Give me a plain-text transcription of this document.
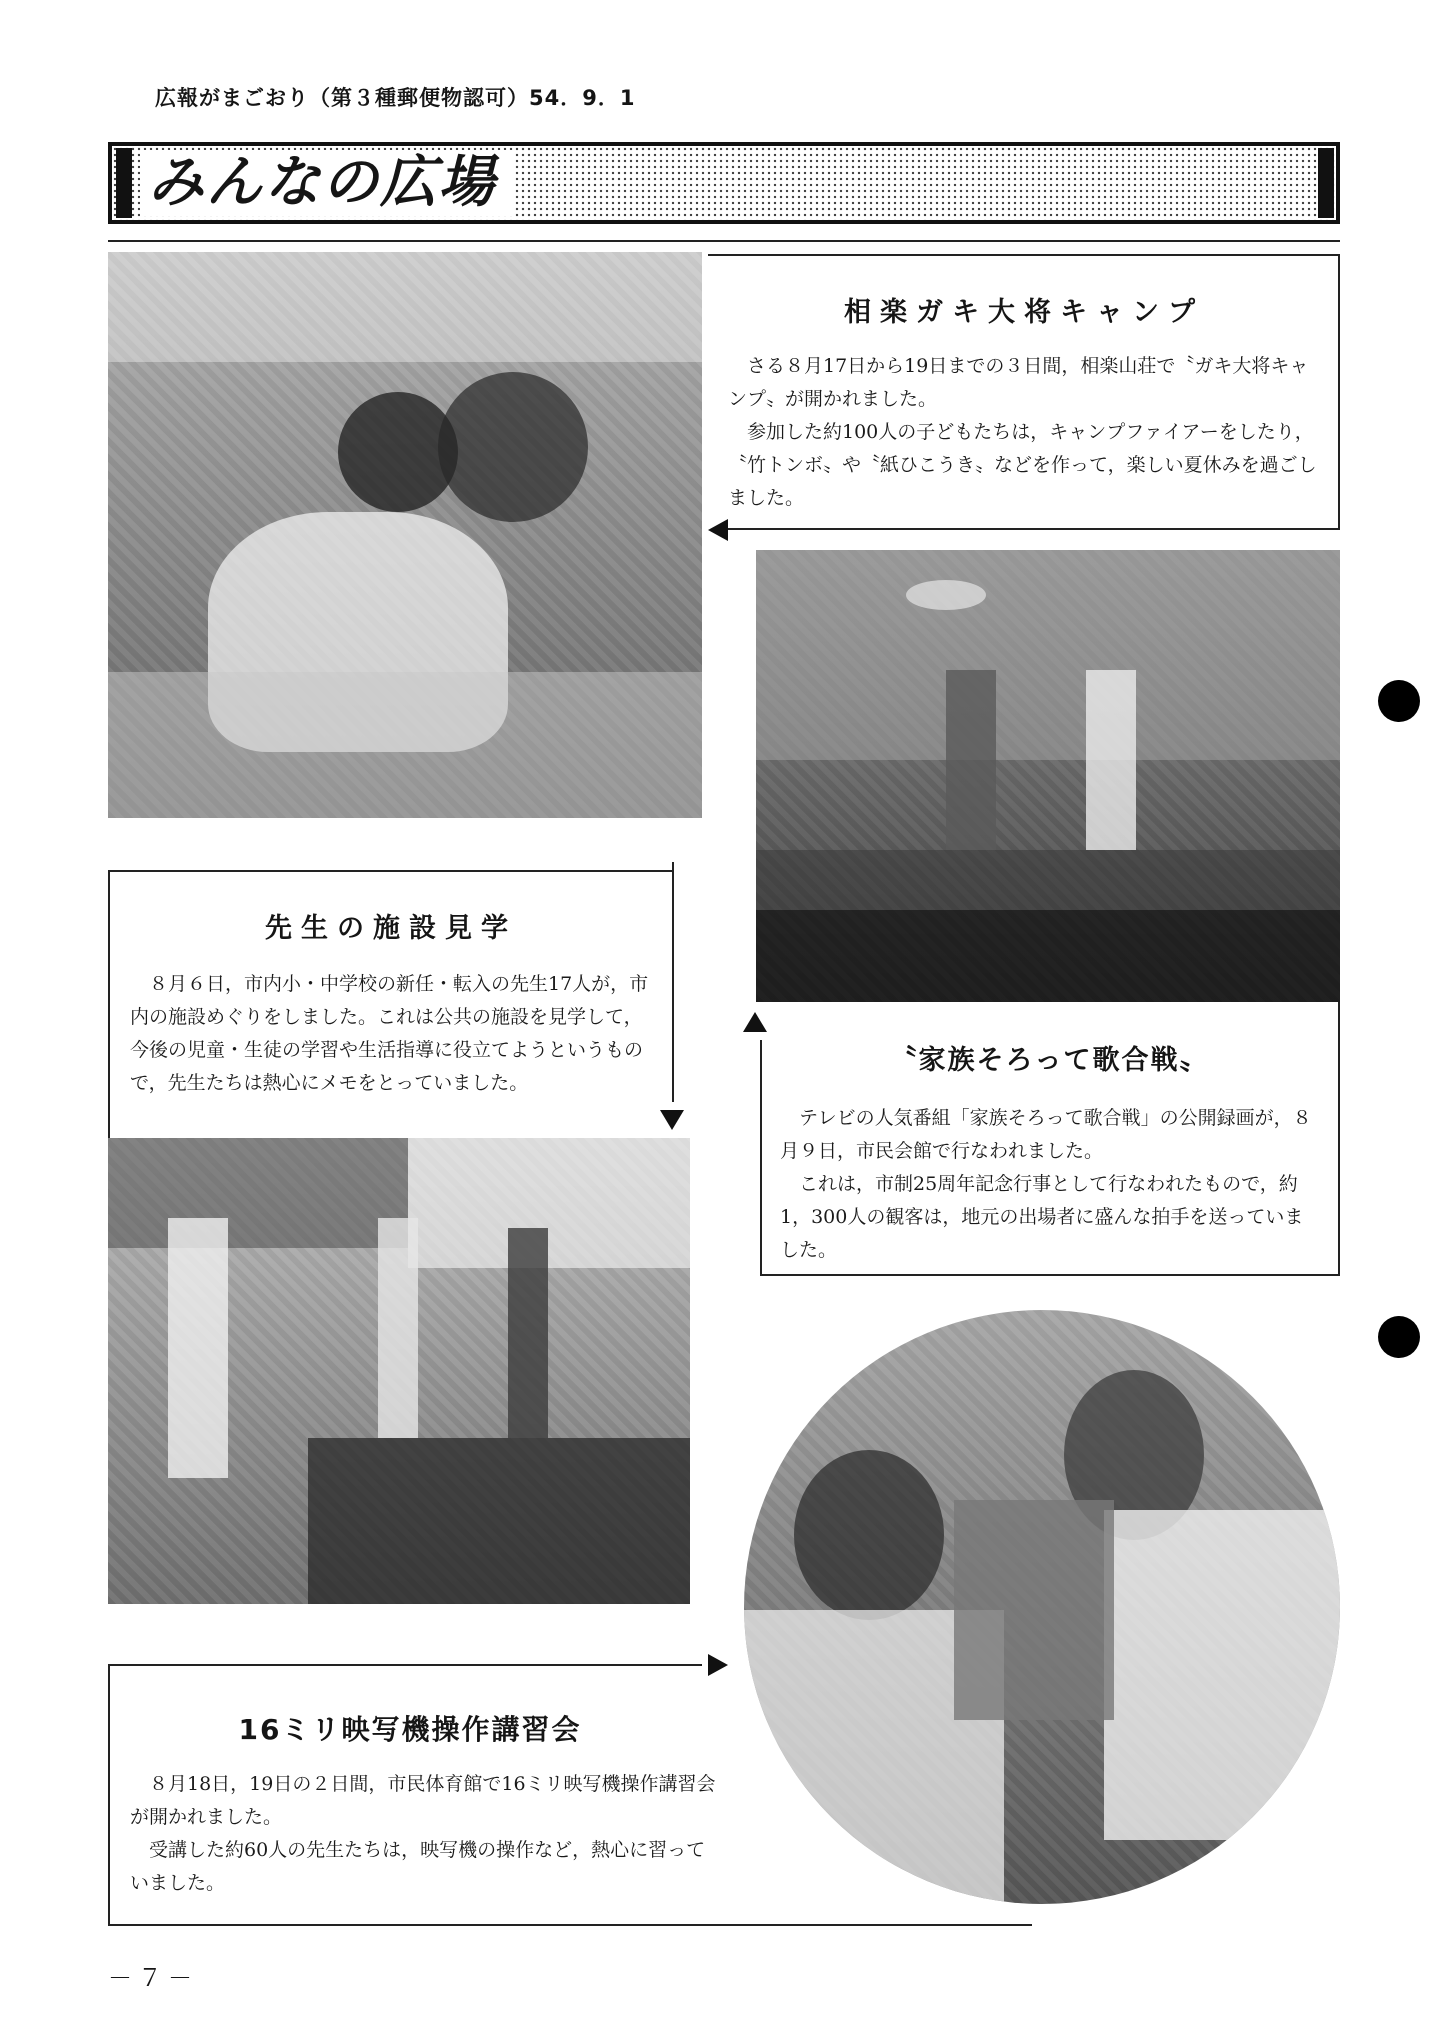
広報がまごおり（第３種郵便物認可）54．9．1
みんなの広場
相楽ガキ大将キャンプ

さる８月17日から19日までの３日間，相楽山荘で〝ガキ大将キャンプ〟が開かれました。

参加した約100人の子どもたちは，キャンプファイアーをしたり，〝竹トンボ〟や〝紙ひこうき〟などを作って，楽しい夏休みを過ごしました。

〝家族そろって歌合戦〟

テレビの人気番組「家族そろって歌合戦」の公開録画が，８月９日，市民会館で行なわれました。

これは，市制25周年記念行事として行なわれたもので，約1，300人の観客は，地元の出場者に盛んな拍手を送っていました。

先生の施設見学

８月６日，市内小・中学校の新任・転入の先生17人が，市内の施設めぐりをしました。これは公共の施設を見学して，今後の児童・生徒の学習や生活指導に役立てようというもので，先生たちは熱心にメモをとっていました。

16ミリ映写機操作講習会

８月18日，19日の２日間，市民体育館で16ミリ映写機操作講習会が開かれました。

受講した約60人の先生たちは，映写機の操作など，熱心に習っていました。

－７－
